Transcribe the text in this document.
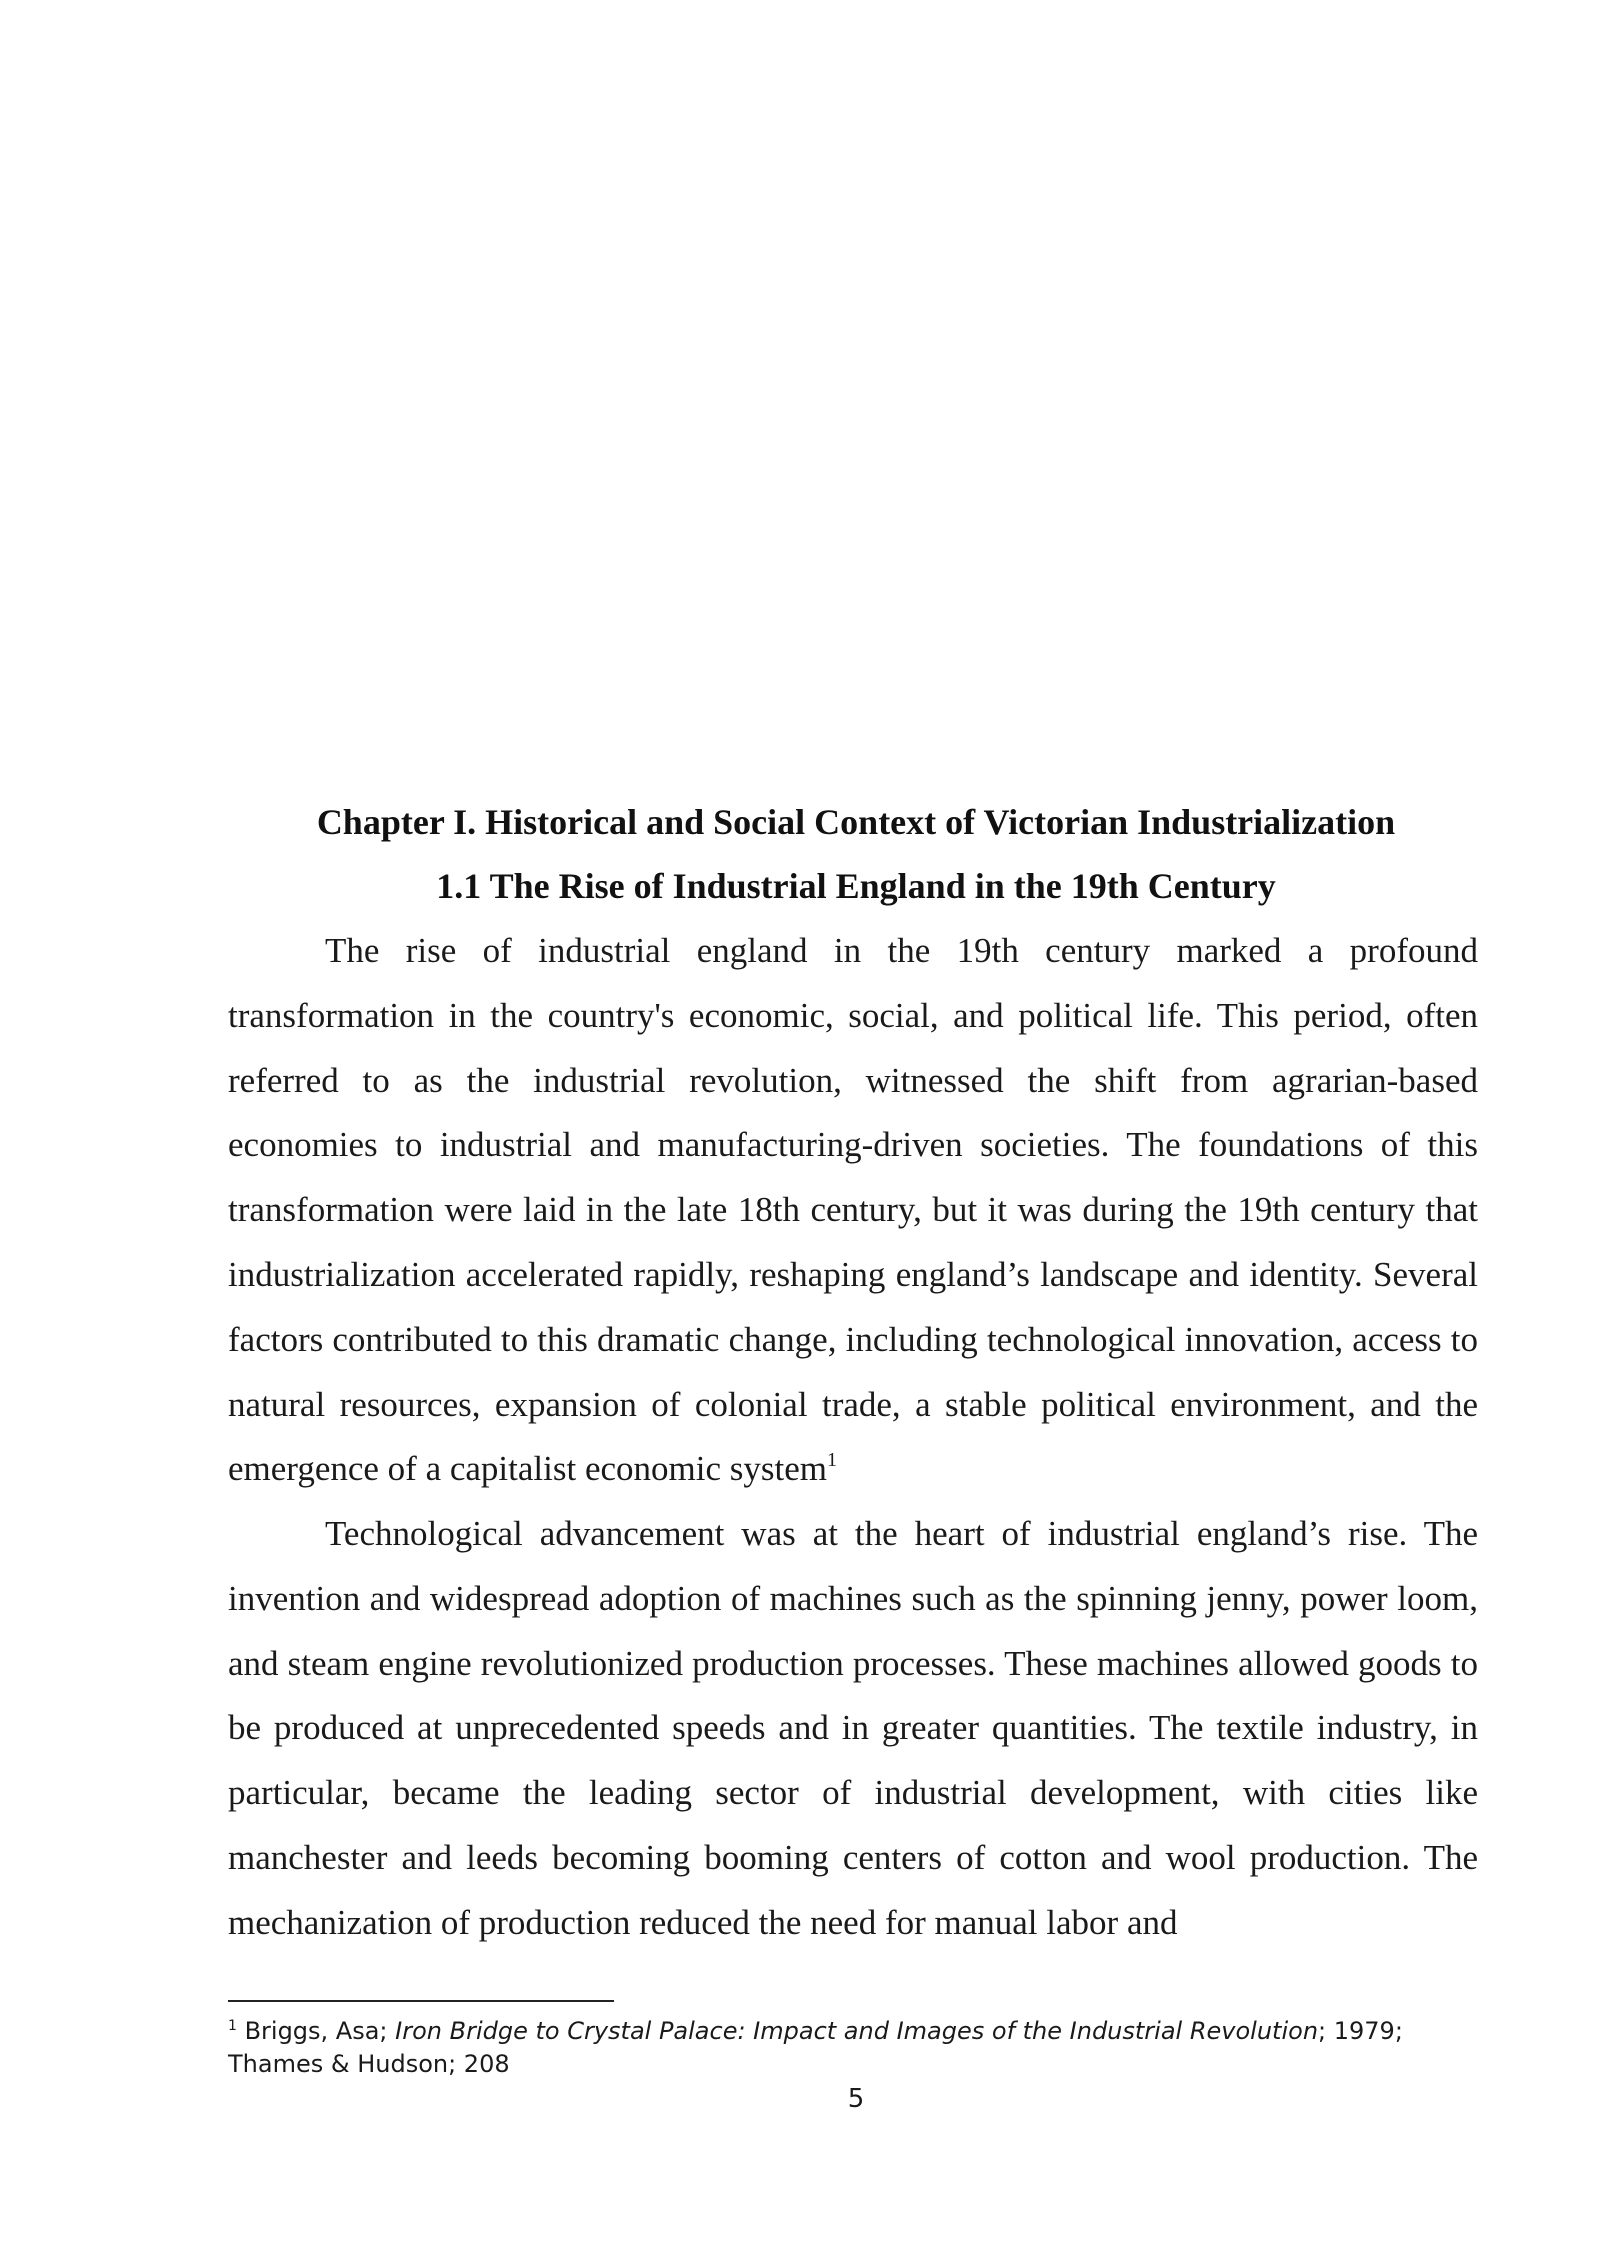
Chapter I. Historical and Social Context of Victorian Industrialization
1.1 The Rise of Industrial England in the 19th Century

The rise of industrial england in the 19th century marked a profound transformation in the country's economic, social, and political life. This period, often referred to as the industrial revolution, witnessed the shift from agrarian-based economies to industrial and manufacturing-driven societies. The foundations of this transformation were laid in the late 18th century, but it was during the 19th century that industrialization accelerated rapidly, reshaping england’s landscape and identity. Several factors contributed to this dramatic change, including technological innovation, access to natural resources, expansion of colonial trade, a stable political environment, and the emergence of a capitalist economic system$^1$

Technological advancement was at the heart of industrial england’s rise. The invention and widespread adoption of machines such as the spinning jenny, power loom, and steam engine revolutionized production processes. These machines allowed goods to be produced at unprecedented speeds and in greater quantities. The textile industry, in particular, became the leading sector of industrial development, with cities like manchester and leeds becoming booming centers of cotton and wool production. The mechanization of production reduced the need for manual labor and

$^1$ Briggs, Asa; Iron Bridge to Crystal Palace: Impact and Images of the Industrial Revolution; 1979; Thames & Hudson; 208

5
